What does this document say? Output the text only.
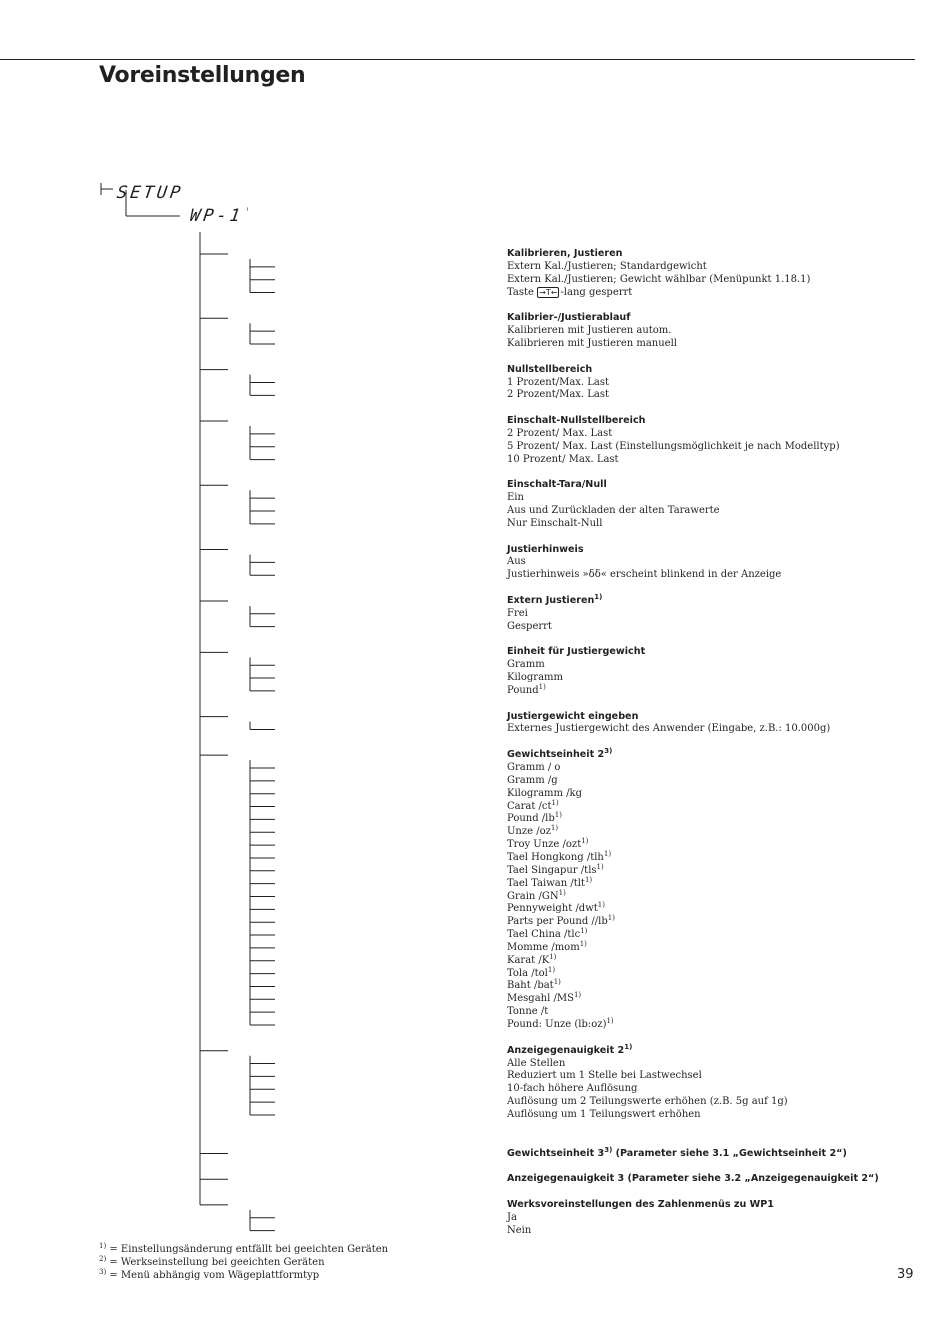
Voreinstellungen
SETUP
WP-1 ¹
Kalibrieren, Justieren
Extern Kal./Justieren; Standardgewicht
Extern Kal./Justieren; Gewicht wählbar (Menüpunkt 1.18.1)
Taste →T← -lang gesperrt
Kalibrier-/Justierablauf
Kalibrieren mit Justieren autom.
Kalibrieren mit Justieren manuell
Nullstellbereich
1 Prozent/Max. Last
2 Prozent/Max. Last
Einschalt-Nullstellbereich
2 Prozent/ Max. Last
5 Prozent/ Max. Last (Einstellungsmöglichkeit je nach Modelltyp)
10 Prozent/ Max. Last
Einschalt-Tara/Null
Ein
Aus und Zurückladen der alten Tarawerte
Nur Einschalt-Null
Justierhinweis
Aus
Justierhinweis »δδ« erscheint blinkend in der Anzeige
Extern Justieren$^{1)}$
Frei
Gesperrt
Einheit für Justiergewicht
Gramm
Kilogramm
Pound$^{1)}$
Justiergewicht eingeben
Externes Justiergewicht des Anwender (Eingabe, z.B.: 10.000g)
Gewichtseinheit 2$^{3)}$
Gramm / o
Gramm /g
Kilogramm /kg
Carat $/ct^{1)}$
Pound $/lb^{1)}$
Unze $/oz^{1)}$
Troy Unze /ozt$^{1)}$
Tael Hongkong /tlh$^{1)}$
Tael Singapur /tls$^{1)}$
Tael Taiwan /tlt$^{1)}$
Grain /GN$^{1)}$
Pennyweight /dwt$^{1)}$
Parts per Pound $//lb^{1)}$
Tael China /tlc$^{1)}$
Momme /mom$^{1)}$
Karat $/K^{1)}$
Tola /tol$^{1)}$
Baht /bat$^{1)}$
Mesgahl /MS$^{1)}$
Tonne /t
Pound: Unze (lb:oz)$^{1)}$
Anzeigegenauigkeit 2$^{1)}$
Alle Stellen
Reduziert um 1 Stelle bei Lastwechsel
10-fach höhere Auflösung
Auflösung um 2 Teilungswerte erhöhen (z.B. 5g auf 1g)
Auflösung um 1 Teilungswert erhöhen
Gewichtseinheit 3$^{3)}$ (Parameter siehe 3.1 „Gewichtseinheit 2“)
Anzeigegenauigkeit 3 (Parameter siehe 3.2 „Anzeigegenauigkeit 2“)
Werksvoreinstellungen des Zahlenmenüs zu WP1
Ja
Nein
$^{1)}$ = Einstellungsänderung entfällt bei geeichten Geräten
$^{2)}$ = Werkseinstellung bei geeichten Geräten
$^{3)}$ = Menü abhängig vom Wägeplattformtyp	39
